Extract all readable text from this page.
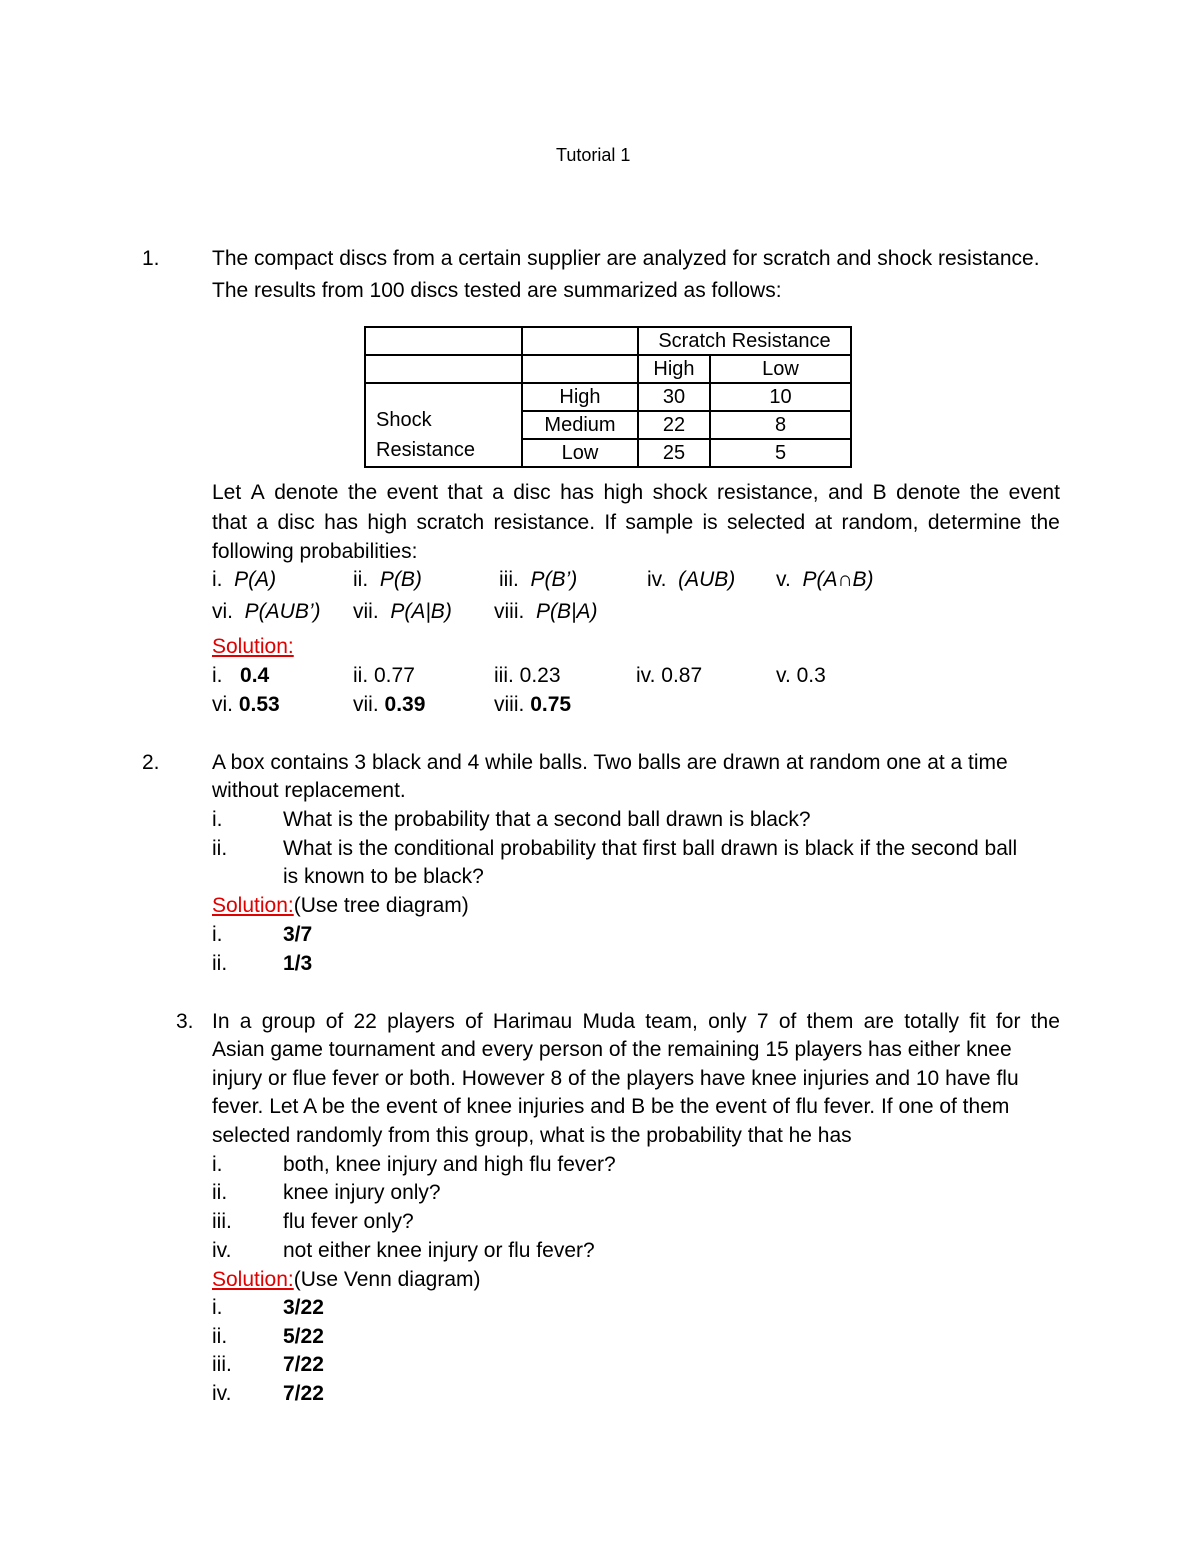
Tutorial 1
1. The compact discs from a certain supplier are analyzed for scratch and shock resistance.
The results from 100 discs tested are summarized as follows:
		Scratch Resistance	
		High	Low
Shock
Resistance	High	30	10
	Medium	22	8
	Low	25	5
Let A denote the event that a disc has high shock resistance, and B denote the event
that a disc has high scratch resistance. If sample is selected at random, determine the
following probabilities:
i. P(A)	ii. P(B)	iii. P(B’)	iv. (AUB) v. P(A∩B)
vi. P(AUB’) vii. P(A|B) viii. P(B|A)
Solution:
i. 0.4	ii. 0.77	iii. 0.23	iv. 0.87	v. 0.3
vi. 0.53	vii. 0.39	viii. 0.75
2. A box contains 3 black and 4 while balls. Two balls are drawn at random one at a time
without replacement.
i.	What is the probability that a second ball drawn is black?
ii.	What is the conditional probability that first ball drawn is black if the second ball
is known to be black?
Solution:(Use tree diagram)
i.	3/7
ii.	1/3
3. In a group of 22 players of Harimau Muda team, only 7 of them are totally fit for the
Asian game tournament and every person of the remaining 15 players has either knee
injury or flue fever or both. However 8 of the players have knee injuries and 10 have flu
fever. Let A be the event of knee injuries and B be the event of flu fever. If one of them
selected randomly from this group, what is the probability that he has
i.	both, knee injury and high flu fever?
ii.	knee injury only?
iii. flu fever only?
iv. not either knee injury or flu fever?
Solution:(Use Venn diagram)
i.	3/22
ii.	5/22
iii. 7/22
iv. 7/22
